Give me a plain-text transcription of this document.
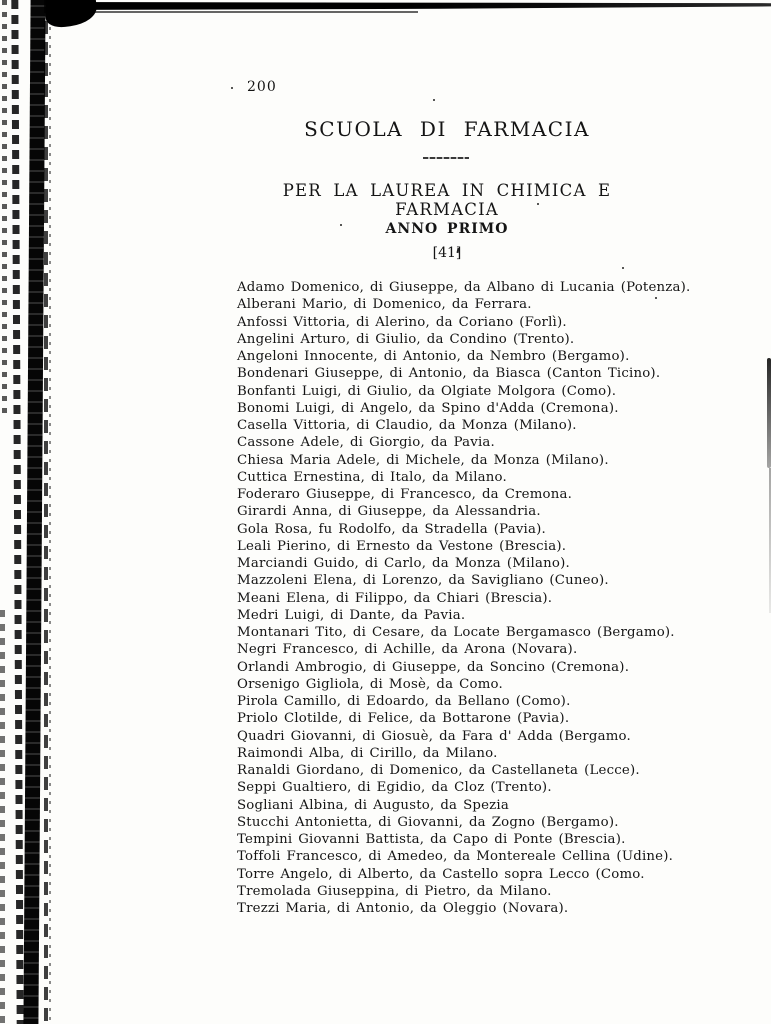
200
SCUOLA DI FARMACIA
PER LA LAUREA IN CHIMICA E FARMACIA
ANNO PRIMO
[41]
Adamo Domenico, di Giuseppe, da Albano di Lucania (Potenza).
Alberani Mario, di Domenico, da Ferrara.
Anfossi Vittoria, di Alerino, da Coriano (Forlì).
Angelini Arturo, di Giulio, da Condino (Trento).
Angeloni Innocente, di Antonio, da Nembro (Bergamo).
Bondenari Giuseppe, di Antonio, da Biasca (Canton Ticino).
Bonfanti Luigi, di Giulio, da Olgiate Molgora (Como).
Bonomi Luigi, di Angelo, da Spino d'Adda (Cremona).
Casella Vittoria, di Claudio, da Monza (Milano).
Cassone Adele, di Giorgio, da Pavia.
Chiesa Maria Adele, di Michele, da Monza (Milano).
Cuttica Ernestina, di Italo, da Milano.
Foderaro Giuseppe, di Francesco, da Cremona.
Girardi Anna, di Giuseppe, da Alessandria.
Gola Rosa, fu Rodolfo, da Stradella (Pavia).
Leali Pierino, di Ernesto da Vestone (Brescia).
Marciandi Guido, di Carlo, da Monza (Milano).
Mazzoleni Elena, di Lorenzo, da Savigliano (Cuneo).
Meani Elena, di Filippo, da Chiari (Brescia).
Medri Luigi, di Dante, da Pavia.
Montanari Tito, di Cesare, da Locate Bergamasco (Bergamo).
Negri Francesco, di Achille, da Arona (Novara).
Orlandi Ambrogio, di Giuseppe, da Soncino (Cremona).
Orsenigo Gigliola, di Mosè, da Como.
Pirola Camillo, di Edoardo, da Bellano (Como).
Priolo Clotilde, di Felice, da Bottarone (Pavia).
Quadri Giovanni, di Giosuè, da Fara d' Adda (Bergamo.
Raimondi Alba, di Cirillo, da Milano.
Ranaldi Giordano, di Domenico, da Castellaneta (Lecce).
Seppi Gualtiero, di Egidio, da Cloz (Trento).
Sogliani Albina, di Augusto, da Spezia
Stucchi Antonietta, di Giovanni, da Zogno (Bergamo).
Tempini Giovanni Battista, da Capo di Ponte (Brescia).
Toffoli Francesco, di Amedeo, da Montereale Cellina (Udine).
Torre Angelo, di Alberto, da Castello sopra Lecco (Como.
Tremolada Giuseppina, di Pietro, da Milano.
Trezzi Maria, di Antonio, da Oleggio (Novara).
